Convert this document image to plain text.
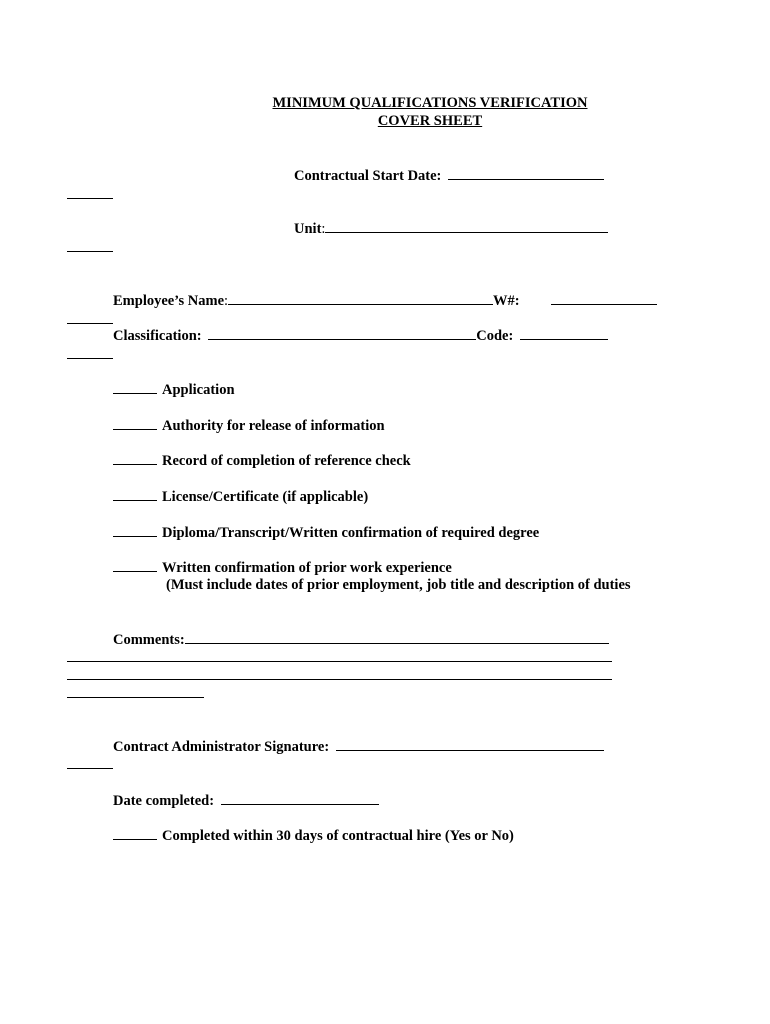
MINIMUM QUALIFICATIONS VERIFICATION
COVER SHEET
Contractual Start Date:
Unit:
Employee’s Name:	W#:
Classification:	Code:
Application
Authority for release of information
Record of completion of reference check
License/Certificate (if applicable)
Diploma/Transcript/Written confirmation of required degree
Written confirmation of prior work experience
(Must include dates of prior employment, job title and description of duties
Comments:
Contract Administrator Signature:
Date completed:
Completed within 30 days of contractual hire (Yes or No)
